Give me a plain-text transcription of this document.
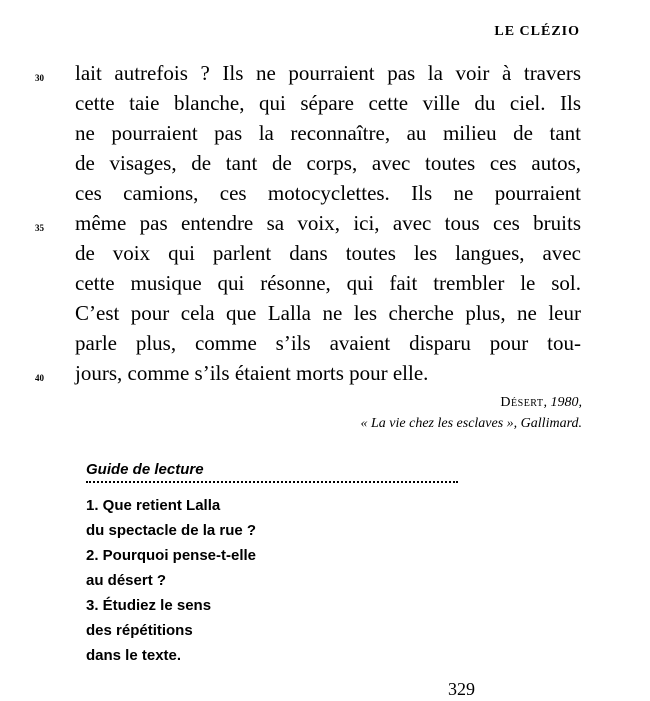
LE CLÉZIO
30
35
40
lait autrefois ? Ils ne pourraient pas la voir à travers
cette taie blanche, qui sépare cette ville du ciel. Ils
ne pourraient pas la reconnaître, au milieu de tant
de visages, de tant de corps, avec toutes ces autos,
ces camions, ces motocyclettes. Ils ne pourraient
même pas entendre sa voix, ici, avec tous ces bruits
de voix qui parlent dans toutes les langues, avec
cette musique qui résonne, qui fait trembler le sol.
C’est pour cela que Lalla ne les cherche plus, ne leur
parle plus, comme s’ils avaient disparu pour tou-
jours, comme s’ils étaient morts pour elle.
Désert, 1980,
« La vie chez les esclaves », Gallimard.
Guide de lecture
1. Que retient Lalla
du spectacle de la rue ?
2. Pourquoi pense-t-elle
au désert ?
3. Étudiez le sens
des répétitions
dans le texte.
329
